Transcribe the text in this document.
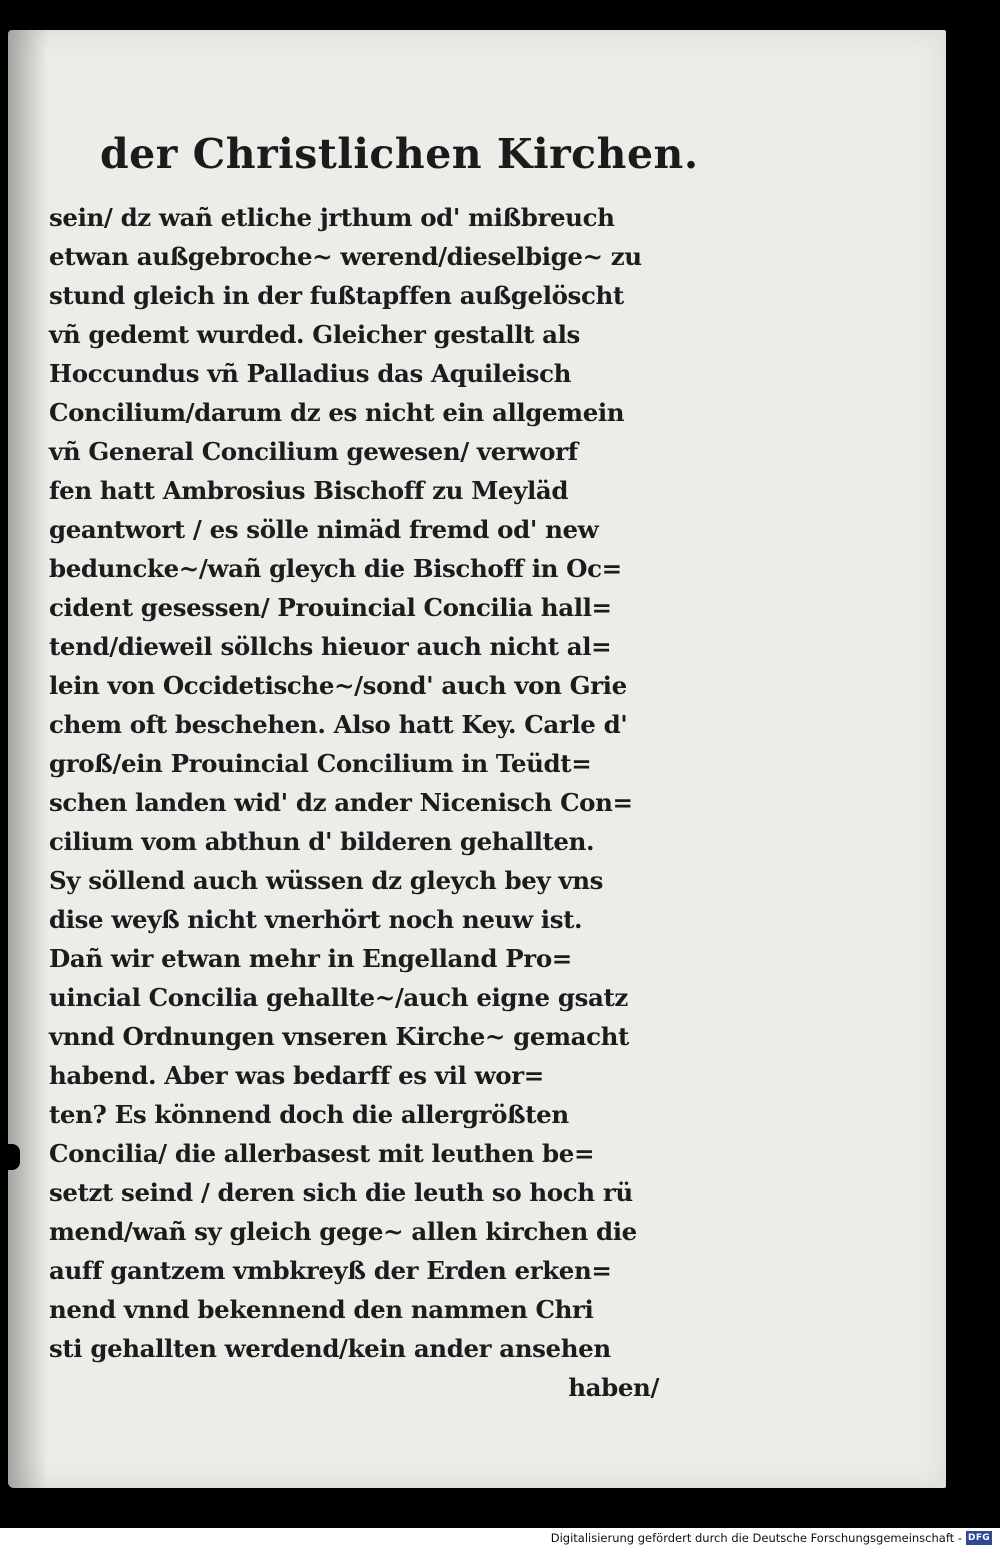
der Christlichen Kirchen.
sein/ dz wañ etliche jrthum od' mißbreuch
etwan außgebroche~ werend/dieselbige~ zu
stund gleich in der fußtapffen außgelöscht
vñ gedemt wurded. Gleicher gestallt als
Hoccundus vñ Palladius das Aquileisch
Concilium/darum dz es nicht ein allgemein
vñ General Concilium gewesen/ verworf
fen hatt Ambrosius Bischoff zu Meyläd
geantwort / es sölle nimäd fremd od' new
beduncke~/wañ gleych die Bischoff in Oc=
cident gesessen/ Prouincial Concilia hall=
tend/dieweil söllchs hieuor auch nicht al=
lein von Occidetische~/sond' auch von Grie
chem oft beschehen. Also hatt Key. Carle d'
groß/ein Prouincial Concilium in Teüdt=
schen landen wid' dz ander Nicenisch Con=
cilium vom abthun d' bilderen gehallten.
Sy söllend auch wüssen dz gleych bey vns
dise weyß nicht vnerhört noch neuw ist.
Dañ wir etwan mehr in Engelland Pro=
uincial Concilia gehallte~/auch eigne gsatz
vnnd Ordnungen vnseren Kirche~ gemacht
habend. Aber was bedarff es vil wor=
ten? Es könnend doch die allergrößten
Concilia/ die allerbasest mit leuthen be=
setzt seind / deren sich die leuth so hoch rü
mend/wañ sy gleich gege~ allen kirchen die
auff gantzem vmbkreyß der Erden erken=
nend vnnd bekennend den nammen Chri
sti gehallten werdend/kein ander ansehen
haben/
Digitalisierung gefördert durch die Deutsche Forschungsgemeinschaft - DFG
